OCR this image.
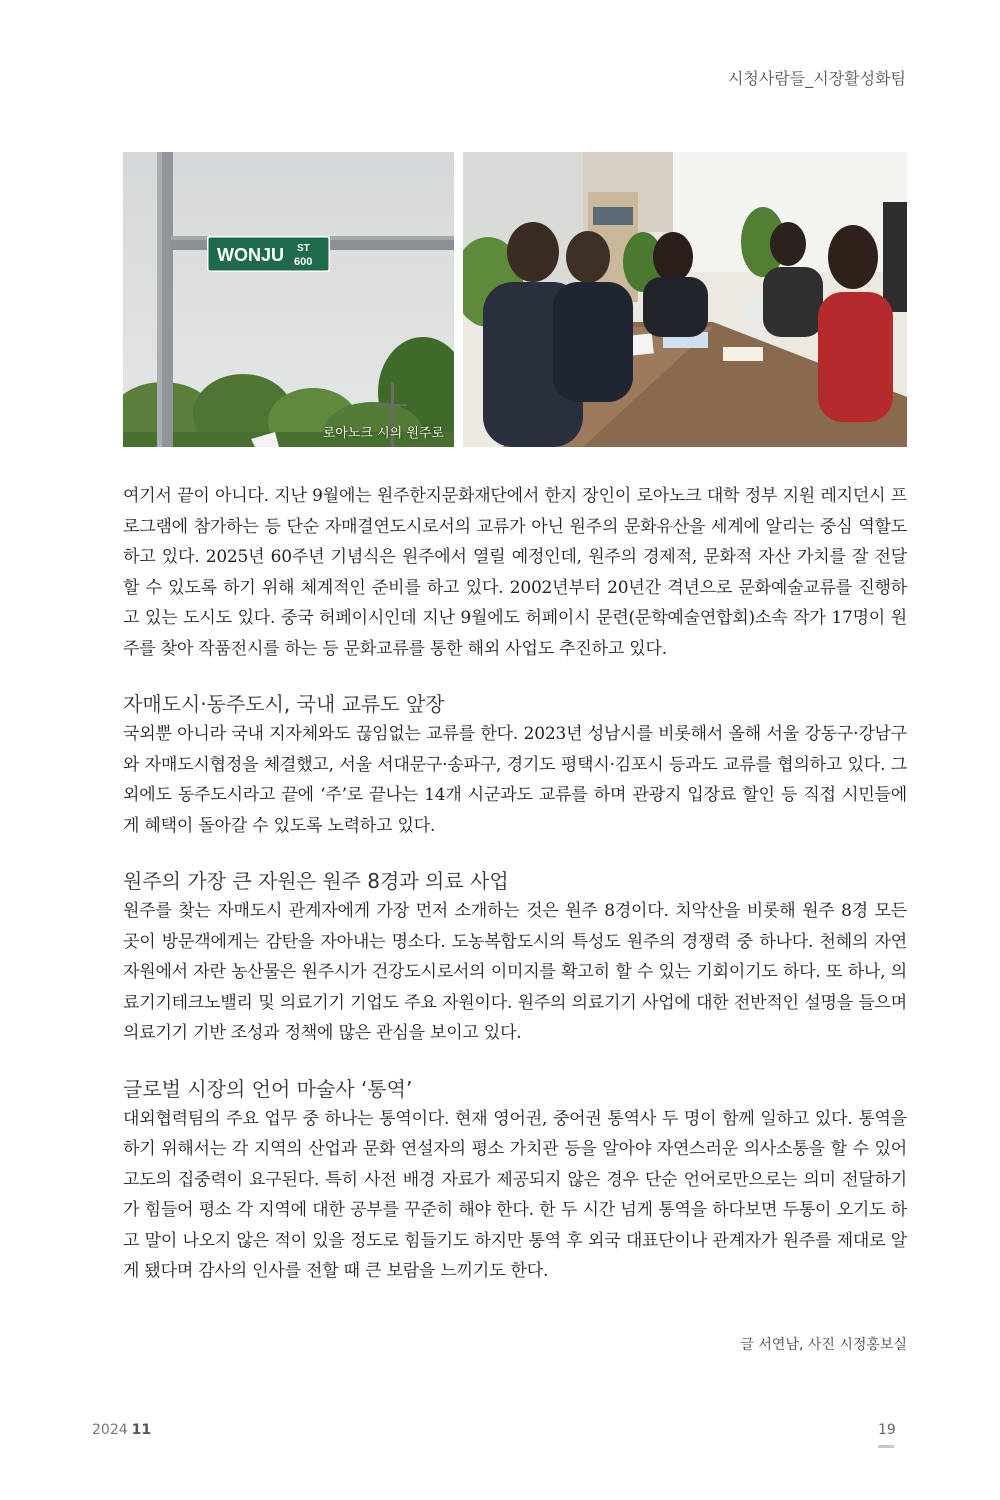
시청사람들_시장활성화팀
WONJU ST
600
로아노크 시의 원주로

여기서 끝이 아니다. 지난 9월에는 원주한지문화재단에서 한지 장인이 로아노크 대학 정부 지원 레지던시 프로그램에 참가하는 등 단순 자매결연도시로서의 교류가 아닌 원주의 문화유산을 세계에 알리는 중심 역할도 하고 있다. 2025년 60주년 기념식은 원주에서 열릴 예정인데, 원주의 경제적, 문화적 자산 가치를 잘 전달할 수 있도록 하기 위해 체계적인 준비를 하고 있다. 2002년부터 20년간 격년으로 문화예술교류를 진행하고 있는 도시도 있다. 중국 허페이시인데 지난 9월에도 허페이시 문련(문학예술연합회)소속 작가 17명이 원주를 찾아 작품전시를 하는 등 문화교류를 통한 해외 사업도 추진하고 있다.

자매도시·동주도시, 국내 교류도 앞장

국외뿐 아니라 국내 지자체와도 끊임없는 교류를 한다. 2023년 성남시를 비롯해서 올해 서울 강동구·강남구와 자매도시협정을 체결했고, 서울 서대문구·송파구, 경기도 평택시·김포시 등과도 교류를 협의하고 있다. 그 외에도 동주도시라고 끝에 ‘주’로 끝나는 14개 시군과도 교류를 하며 관광지 입장료 할인 등 직접 시민들에게 혜택이 돌아갈 수 있도록 노력하고 있다.

원주의 가장 큰 자원은 원주 8경과 의료 사업

원주를 찾는 자매도시 관계자에게 가장 먼저 소개하는 것은 원주 8경이다. 치악산을 비롯해 원주 8경 모든 곳이 방문객에게는 감탄을 자아내는 명소다. 도농복합도시의 특성도 원주의 경쟁력 중 하나다. 천혜의 자연 자원에서 자란 농산물은 원주시가 건강도시로서의 이미지를 확고히 할 수 있는 기회이기도 하다. 또 하나, 의료기기테크노밸리 및 의료기기 기업도 주요 자원이다. 원주의 의료기기 사업에 대한 전반적인 설명을 들으며 의료기기 기반 조성과 정책에 많은 관심을 보이고 있다.

글로벌 시장의 언어 마술사 ‘통역’

대외협력팀의 주요 업무 중 하나는 통역이다. 현재 영어권, 중어권 통역사 두 명이 함께 일하고 있다. 통역을 하기 위해서는 각 지역의 산업과 문화 연설자의 평소 가치관 등을 알아야 자연스러운 의사소통을 할 수 있어 고도의 집중력이 요구된다. 특히 사전 배경 자료가 제공되지 않은 경우 단순 언어로만으로는 의미 전달하기가 힘들어 평소 각 지역에 대한 공부를 꾸준히 해야 한다. 한 두 시간 넘게 통역을 하다보면 두통이 오기도 하고 말이 나오지 않은 적이 있을 정도로 힘들기도 하지만 통역 후 외국 대표단이나 관계자가 원주를 제대로 알게 됐다며 감사의 인사를 전할 때 큰 보람을 느끼기도 한다.

글 서연남, 사진 시정홍보실
2024 11	19
